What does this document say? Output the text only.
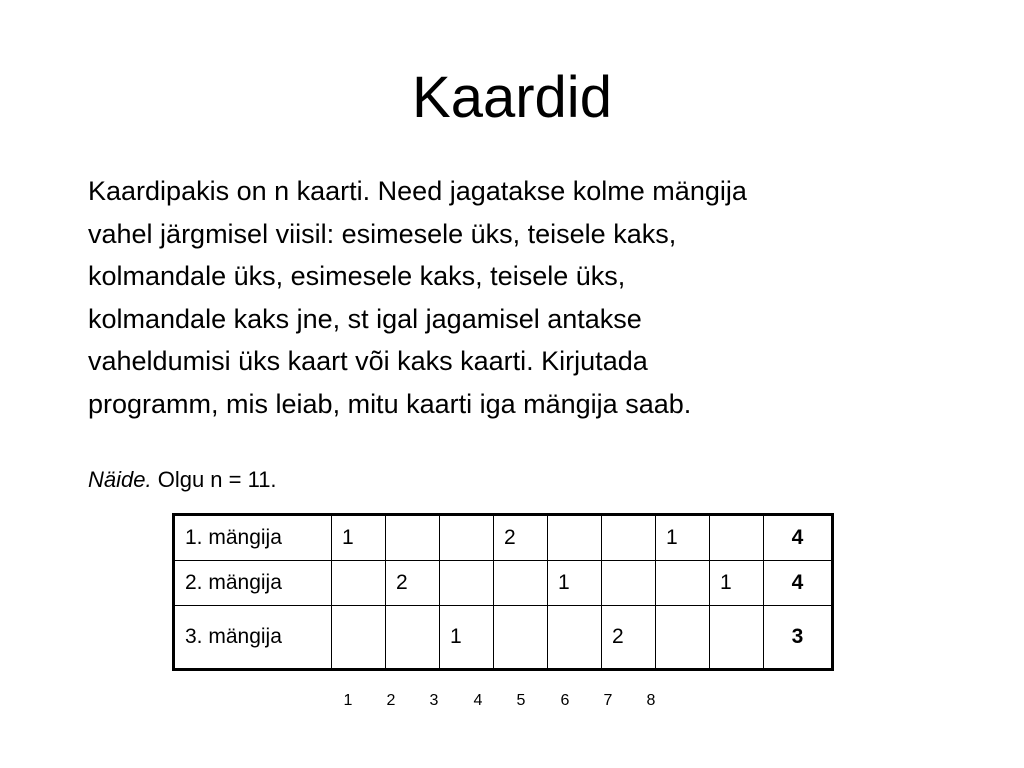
Kaardid
Kaardipakis on n kaarti. Need jagatakse kolme mängija
vahel järgmisel viisil: esimesele üks, teisele kaks,
kolmandale üks, esimesele kaks, teisele üks,
kolmandale kaks jne, st igal jagamisel antakse
vaheldumisi üks kaart või kaks kaarti. Kirjutada
programm, mis leiab, mitu kaarti iga mängija saab.
Näide. Olgu n = 11.
1. mängija	1			2			1		4
2. mängija		2			1			1	4
3. mängija			1			2			3
1	2	3	4	5	6	7	8
